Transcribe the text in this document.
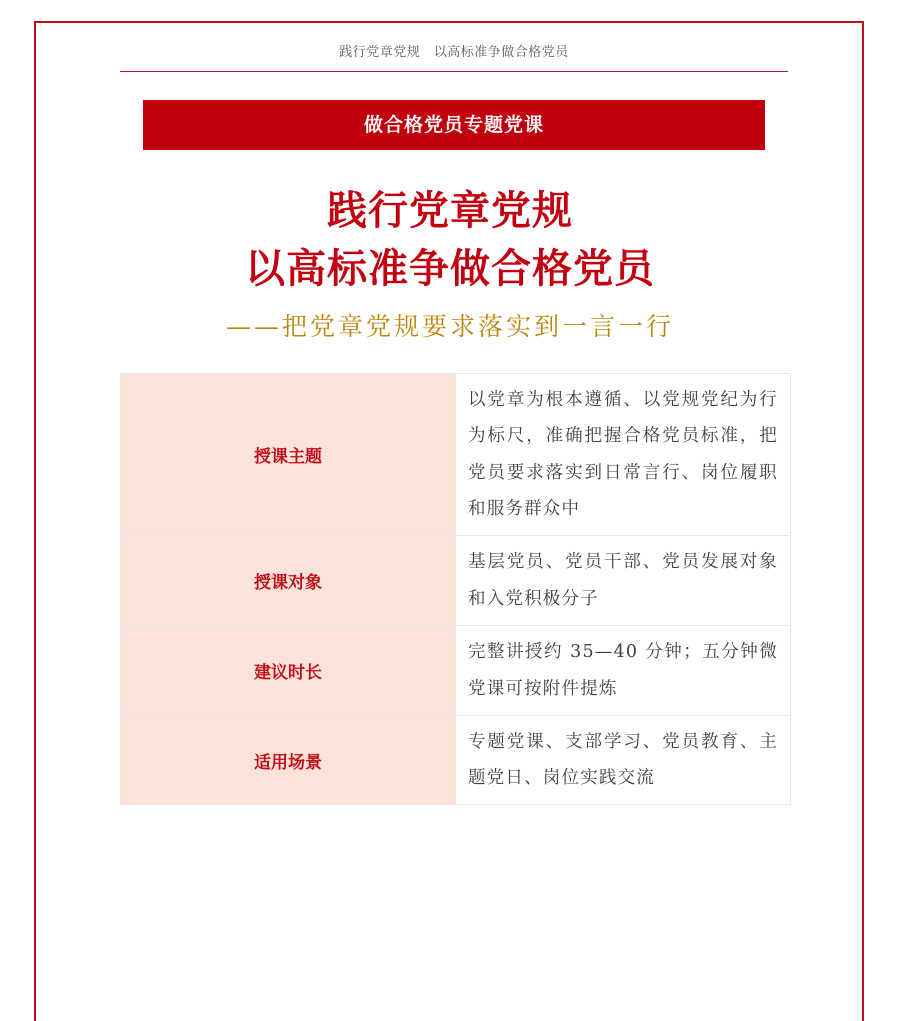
践行党章党规　以高标准争做合格党员
做合格党员专题党课
践行党章党规
以高标准争做合格党员
——把党章党规要求落实到一言一行
授课主题	以党章为根本遵循、以党规党纪为行为标尺，准确把握合格党员标准，把党员要求落实到日常言行、岗位履职和服务群众中
授课对象	基层党员、党员干部、党员发展对象和入党积极分子
建议时长	完整讲授约 35—40 分钟；五分钟微党课可按附件提炼
适用场景	专题党课、支部学习、党员教育、主题党日、岗位实践交流
